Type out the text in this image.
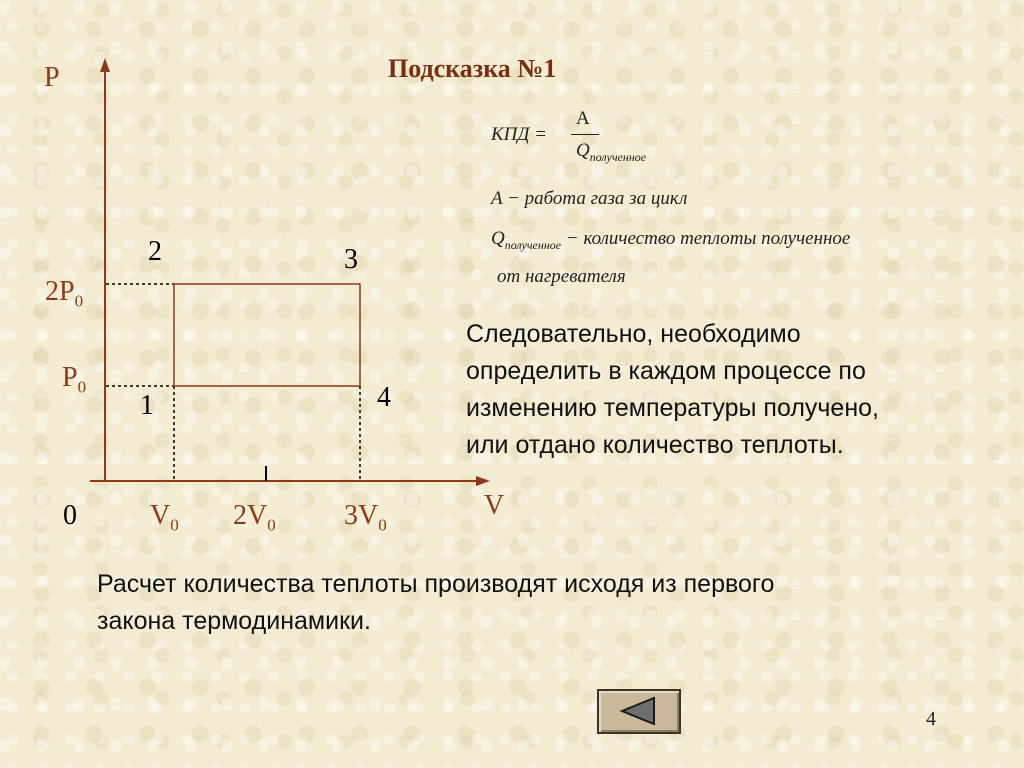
Подсказка №1
P
V
0
$2P_0$
$P_0$
$V_0$ $2V_0$ $3V_0$
1
2	3
4
КПД =
A
$Q_{полученное}$
A − работа газа за цикл
$Q_{полученное}$ − количество теплоты полученное
от нагревателя
Следовательно, необходимо
определить в каждом процессе по
изменению температуры получено,
или отдано количество теплоты.
Расчет количества теплоты производят исходя из первого
закона термодинамики.
4
